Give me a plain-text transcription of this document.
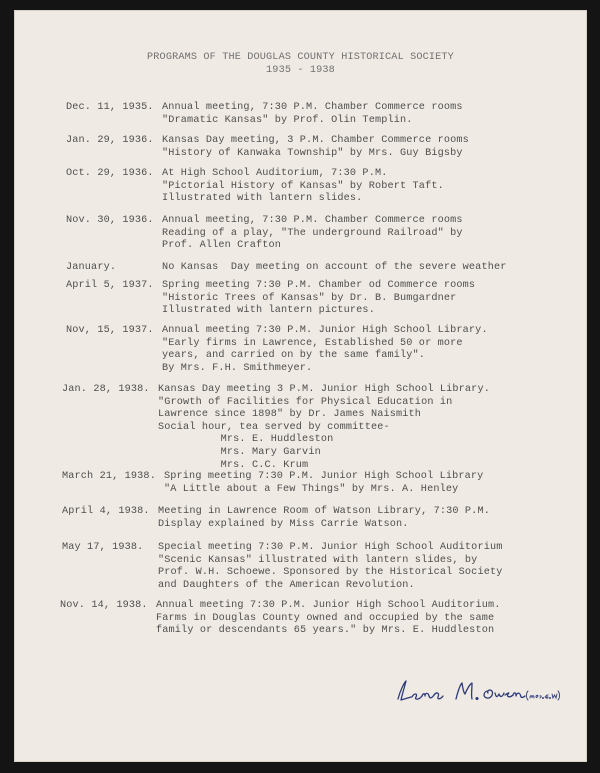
PROGRAMS OF THE DOUGLAS COUNTY HISTORICAL SOCIETY
1935 - 1938
Dec. 11, 1935. Annual meeting, 7:30 P.M. Chamber Commerce rooms
"Dramatic Kansas" by Prof. Olin Templin.
Jan. 29, 1936. Kansas Day meeting, 3 P.M. Chamber Commerce rooms
"History of Kanwaka Township" by Mrs. Guy Bigsby
Oct. 29, 1936. At High School Auditorium, 7:30 P.M.
"Pictorial History of Kansas" by Robert Taft.
Illustrated with lantern slides.
Nov. 30, 1936. Annual meeting, 7:30 P.M. Chamber Commerce rooms
Reading of a play, "The underground Railroad" by
Prof. Allen Crafton
January.	No Kansas  Day meeting on account of the severe weather
April 5, 1937. Spring meeting 7:30 P.M. Chamber od Commerce rooms
"Historic Trees of Kansas" by Dr. B. Bumgardner
Illustrated with lantern pictures.
Nov, 15, 1937. Annual meeting 7:30 P.M. Junior High School Library.
"Early firms in Lawrence, Established 50 or more
years, and carried on by the same family".
By Mrs. F.H. Smithmeyer.
Jan. 28, 1938. Kansas Day meeting 3 P.M. Junior High School Library.
"Growth of Facilities for Physical Education in
Lawrence since 1898" by Dr. James Naismith
Social hour, tea served by committee-
Mrs. E. Huddleston
Mrs. Mary Garvin
Mrs. C.C. Krum
March 21, 1938. Spring meeting 7:30 P.M. Junior High School Library
"A Little about a Few Things" by Mrs. A. Henley
April 4, 1938. Meeting in Lawrence Room of Watson Library, 7:30 P.M.
Display explained by Miss Carrie Watson.
May 17, 1938. Special meeting 7:30 P.M. Junior High School Auditorium
"Scenic Kansas" illustrated with lantern slides, by
Prof. W.H. Schoewe. Sponsored by the Historical Society
and Daughters of the American Revolution.
Nov. 14, 1938. Annual meeting 7:30 P.M. Junior High School Auditorium.
Farms in Douglas County owned and occupied by the same
family or descendants 65 years." by Mrs. E. Huddleston
